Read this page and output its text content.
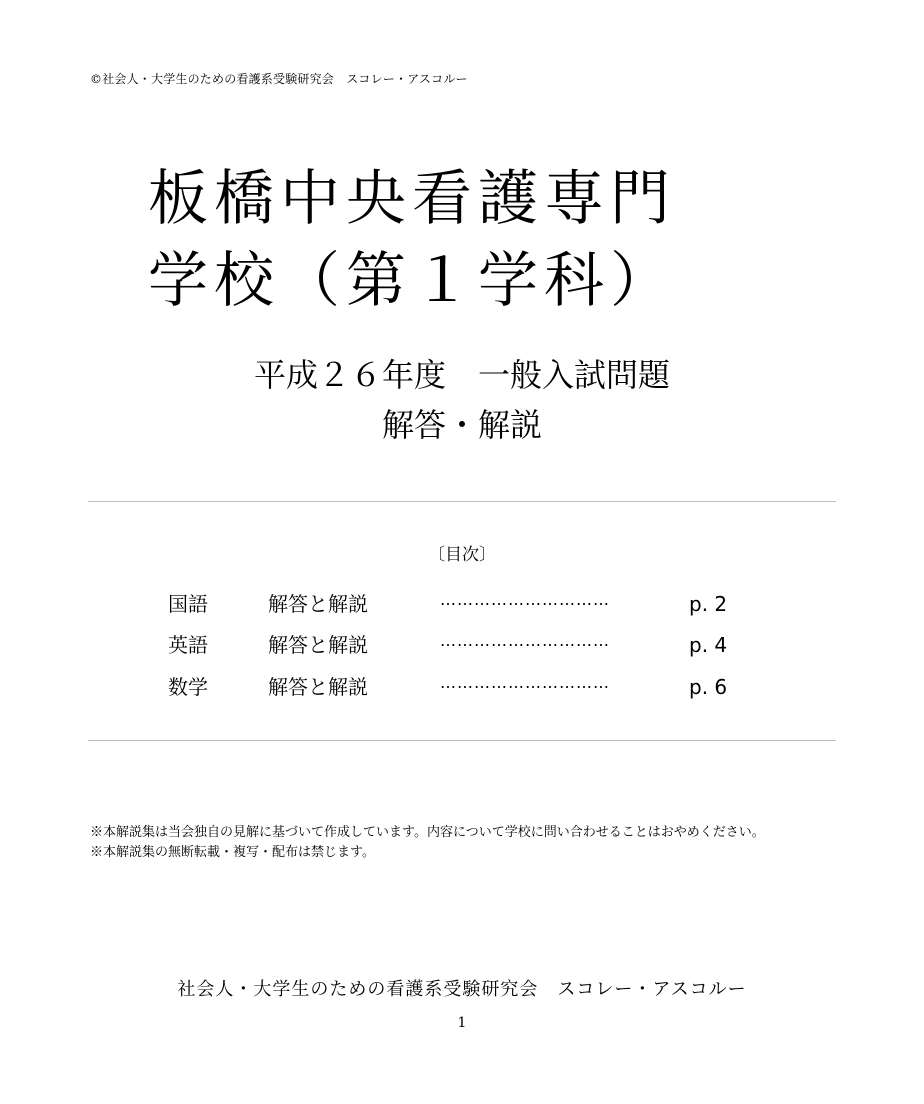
©社会人・大学生のための看護系受験研究会　スコレー・アスコルー
板橋中央看護専門
学校（第１学科）
平成２６年度　一般入試問題
解答・解説
〔目次〕
国語	解答と解説	…………………………	p. 2
英語	解答と解説	…………………………	p. 4
数学	解答と解説	…………………………	p. 6

※本解説集は当会独自の見解に基づいて作成しています。内容について学校に問い合わせることはおやめください。

※本解説集の無断転載・複写・配布は禁じます。

社会人・大学生のための看護系受験研究会　スコレー・アスコルー
1
